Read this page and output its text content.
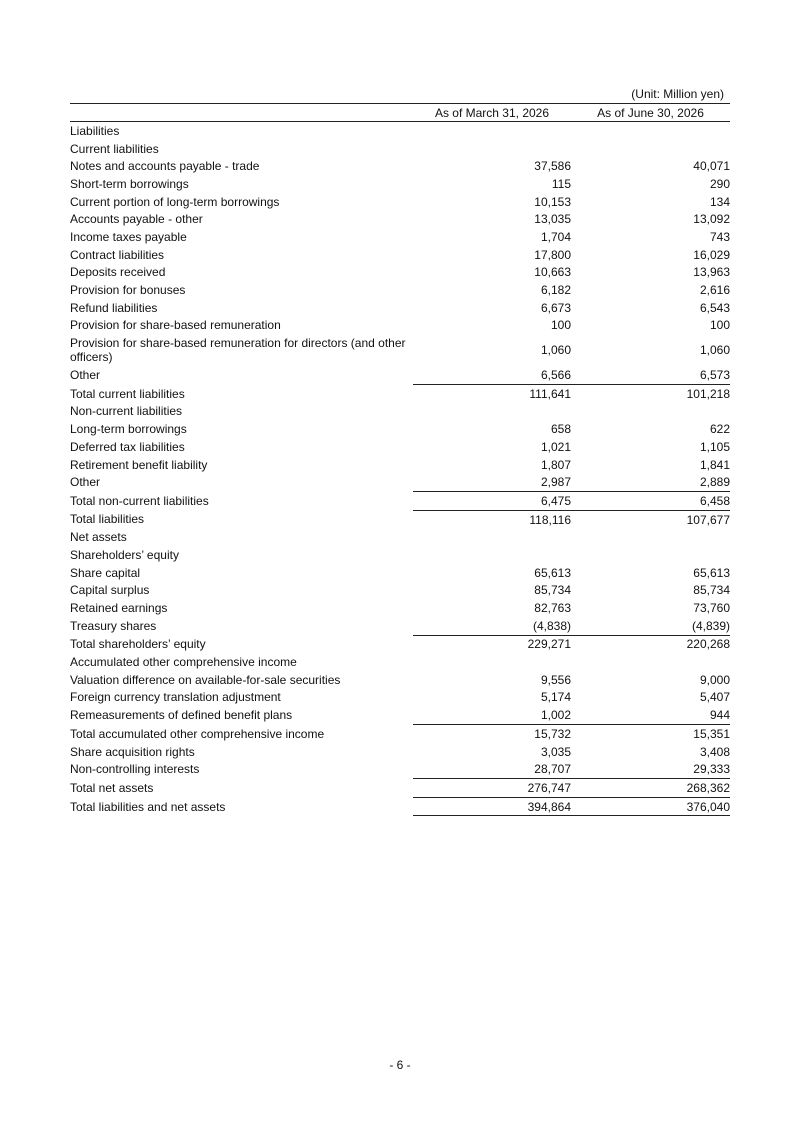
(Unit: Million yen)
	As of March 31, 2026	As of June 30, 2026
Liabilities		
Current liabilities		
Notes and accounts payable - trade	37,586	40,071
Short-term borrowings	115	290
Current portion of long-term borrowings	10,153	134
Accounts payable - other	13,035	13,092
Income taxes payable	1,704	743
Contract liabilities	17,800	16,029
Deposits received	10,663	13,963
Provision for bonuses	6,182	2,616
Refund liabilities	6,673	6,543
Provision for share-based remuneration	100	100
Provision for share-based remuneration for directors (and other officers)	1,060	1,060
Other	6,566	6,573
Total current liabilities	111,641	101,218
Non-current liabilities		
Long-term borrowings	658	622
Deferred tax liabilities	1,021	1,105
Retirement benefit liability	1,807	1,841
Other	2,987	2,889
Total non-current liabilities	6,475	6,458
Total liabilities	118,116	107,677
Net assets		
Shareholders’ equity		
Share capital	65,613	65,613
Capital surplus	85,734	85,734
Retained earnings	82,763	73,760
Treasury shares	(4,838)	(4,839)
Total shareholders’ equity	229,271	220,268
Accumulated other comprehensive income		
Valuation difference on available-for-sale securities	9,556	9,000
Foreign currency translation adjustment	5,174	5,407
Remeasurements of defined benefit plans	1,002	944
Total accumulated other comprehensive income	15,732	15,351
Share acquisition rights	3,035	3,408
Non-controlling interests	28,707	29,333
Total net assets	276,747	268,362
Total liabilities and net assets	394,864	376,040
- 6 -
